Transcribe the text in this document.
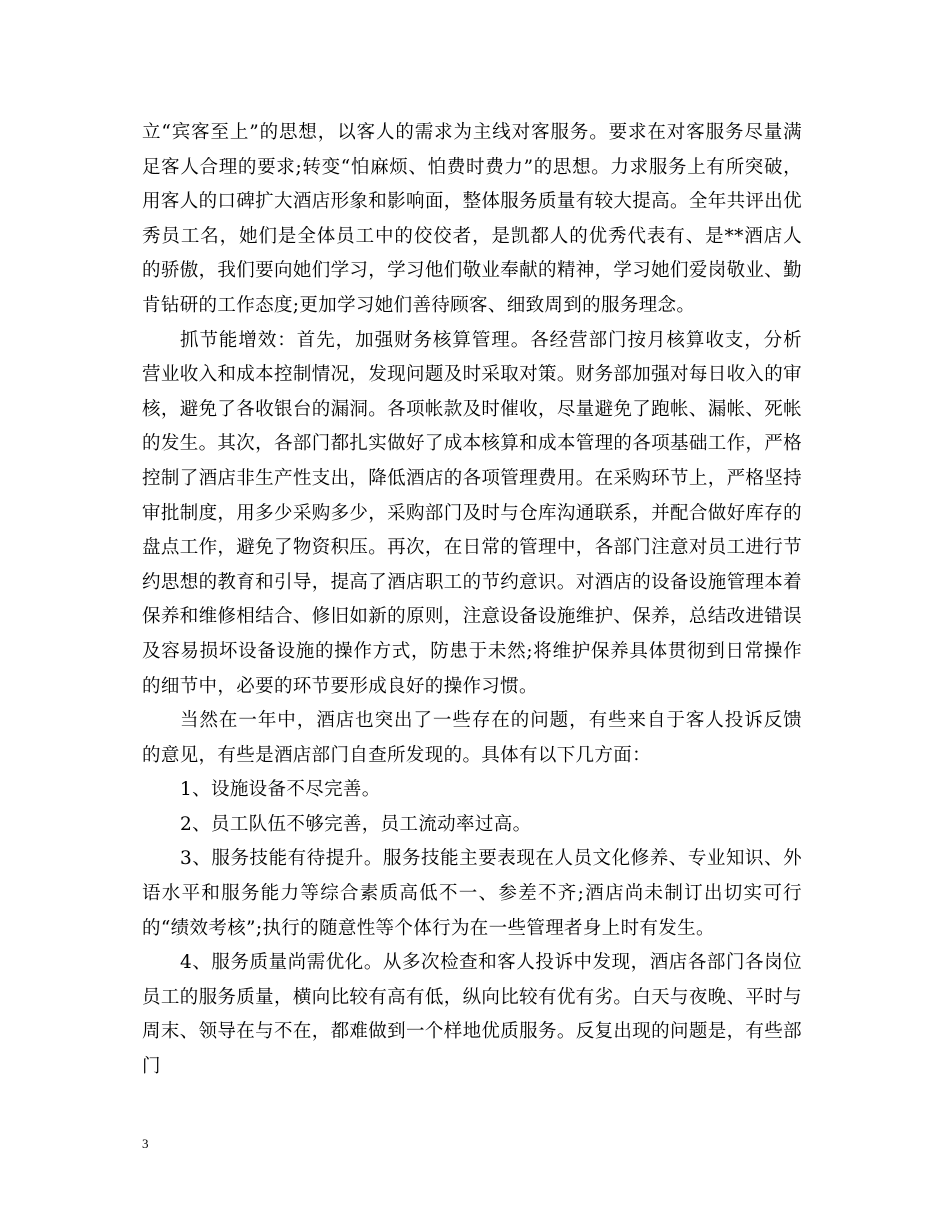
立“宾客至上”的思想，以客人的需求为主线对客服务。要求在对客服务尽量满足客人合理的要求;转变“怕麻烦、怕费时费力”的思想。力求服务上有所突破，用客人的口碑扩大酒店形象和影响面，整体服务质量有较大提高。全年共评出优秀员工名，她们是全体员工中的佼佼者，是凯都人的优秀代表有、是**酒店人的骄傲，我们要向她们学习，学习他们敬业奉献的精神，学习她们爱岗敬业、勤肯钻研的工作态度;更加学习她们善待顾客、细致周到的服务理念。

抓节能增效：首先，加强财务核算管理。各经营部门按月核算收支，分析营业收入和成本控制情况，发现问题及时采取对策。财务部加强对每日收入的审核，避免了各收银台的漏洞。各项帐款及时催收，尽量避免了跑帐、漏帐、死帐的发生。其次，各部门都扎实做好了成本核算和成本管理的各项基础工作，严格控制了酒店非生产性支出，降低酒店的各项管理费用。在采购环节上，严格坚持审批制度，用多少采购多少，采购部门及时与仓库沟通联系，并配合做好库存的盘点工作，避免了物资积压。再次，在日常的管理中，各部门注意对员工进行节约思想的教育和引导，提高了酒店职工的节约意识。对酒店的设备设施管理本着保养和维修相结合、修旧如新的原则，注意设备设施维护、保养，总结改进错误及容易损坏设备设施的操作方式，防患于未然;将维护保养具体贯彻到日常操作的细节中，必要的环节要形成良好的操作习惯。

当然在一年中，酒店也突出了一些存在的问题，有些来自于客人投诉反馈的意见，有些是酒店部门自查所发现的。具体有以下几方面：

1、设施设备不尽完善。

2、员工队伍不够完善，员工流动率过高。

3、服务技能有待提升。服务技能主要表现在人员文化修养、专业知识、外语水平和服务能力等综合素质高低不一、参差不齐;酒店尚未制订出切实可行的“绩效考核”;执行的随意性等个体行为在一些管理者身上时有发生。

4、服务质量尚需优化。从多次检查和客人投诉中发现，酒店各部门各岗位员工的服务质量，横向比较有高有低，纵向比较有优有劣。白天与夜晚、平时与周末、领导在与不在，都难做到一个样地优质服务。反复出现的问题是，有些部门

3
